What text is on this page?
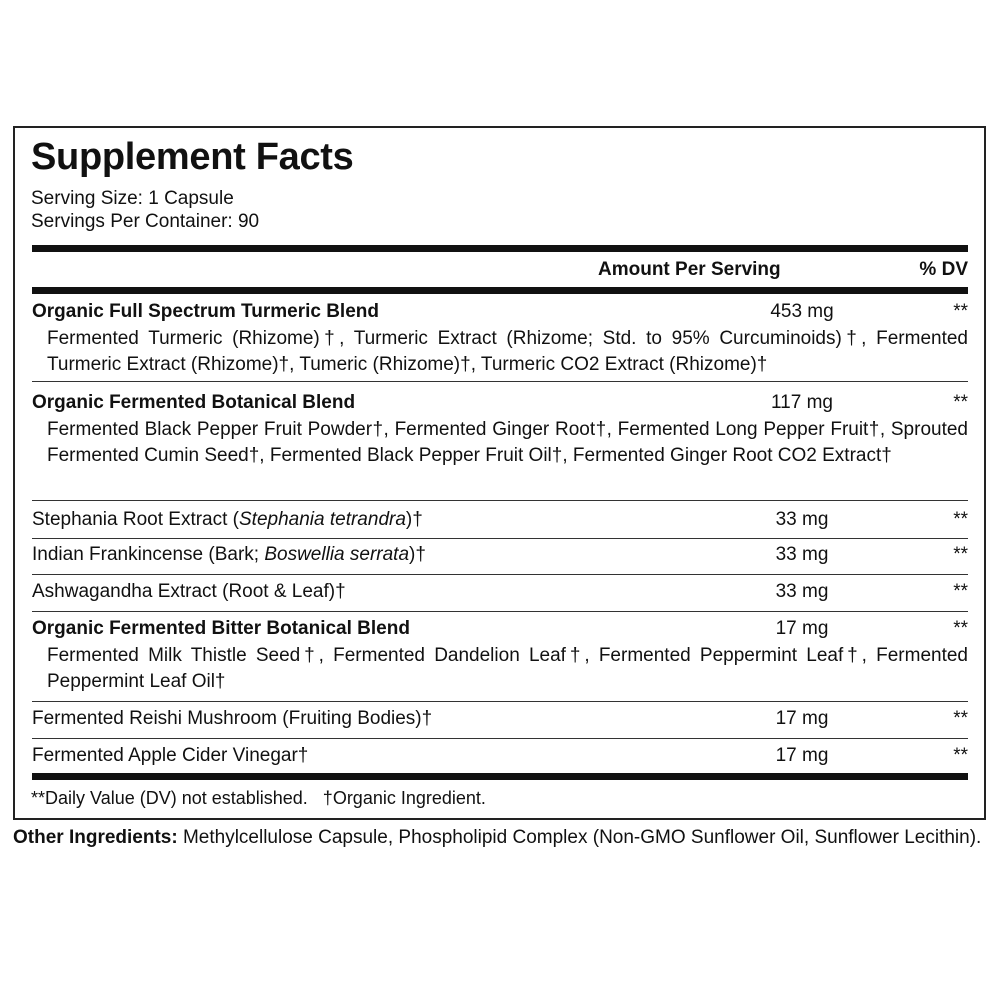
Supplement Facts
Serving Size: 1 Capsule
Servings Per Container: 90
Amount Per Serving	% DV
Organic Full Spectrum Turmeric Blend	453 mg	**
Fermented Turmeric (Rhizome)†, Turmeric Extract (Rhizome; Std. to 95% Curcuminoids)†, Fermented Turmeric Extract (Rhizome)†, Tumeric (Rhizome)†, Turmeric CO2 Extract (Rhizome)†
Organic Fermented Botanical Blend	117 mg	**
Fermented Black Pepper Fruit Powder†, Fermented Ginger Root†, Fermented Long Pepper Fruit†, Sprouted Fermented Cumin Seed†, Fermented Black Pepper Fruit Oil†, Fermented Ginger Root CO2 Extract†
Stephania Root Extract (Stephania tetrandra)†	33 mg	**
Indian Frankincense (Bark; Boswellia serrata)†	33 mg	**
Ashwagandha Extract (Root & Leaf)†	33 mg	**
Organic Fermented Bitter Botanical Blend	17 mg	**
Fermented Milk Thistle Seed†, Fermented Dandelion Leaf†, Fermented Peppermint Leaf†, Fermented Peppermint Leaf Oil†
Fermented Reishi Mushroom (Fruiting Bodies)†	17 mg	**
Fermented Apple Cider Vinegar†	17 mg	**
**Daily Value (DV) not established.   †Organic Ingredient.
Other Ingredients: Methylcellulose Capsule, Phospholipid Complex (Non-GMO Sunflower Oil, Sunflower Lecithin).
